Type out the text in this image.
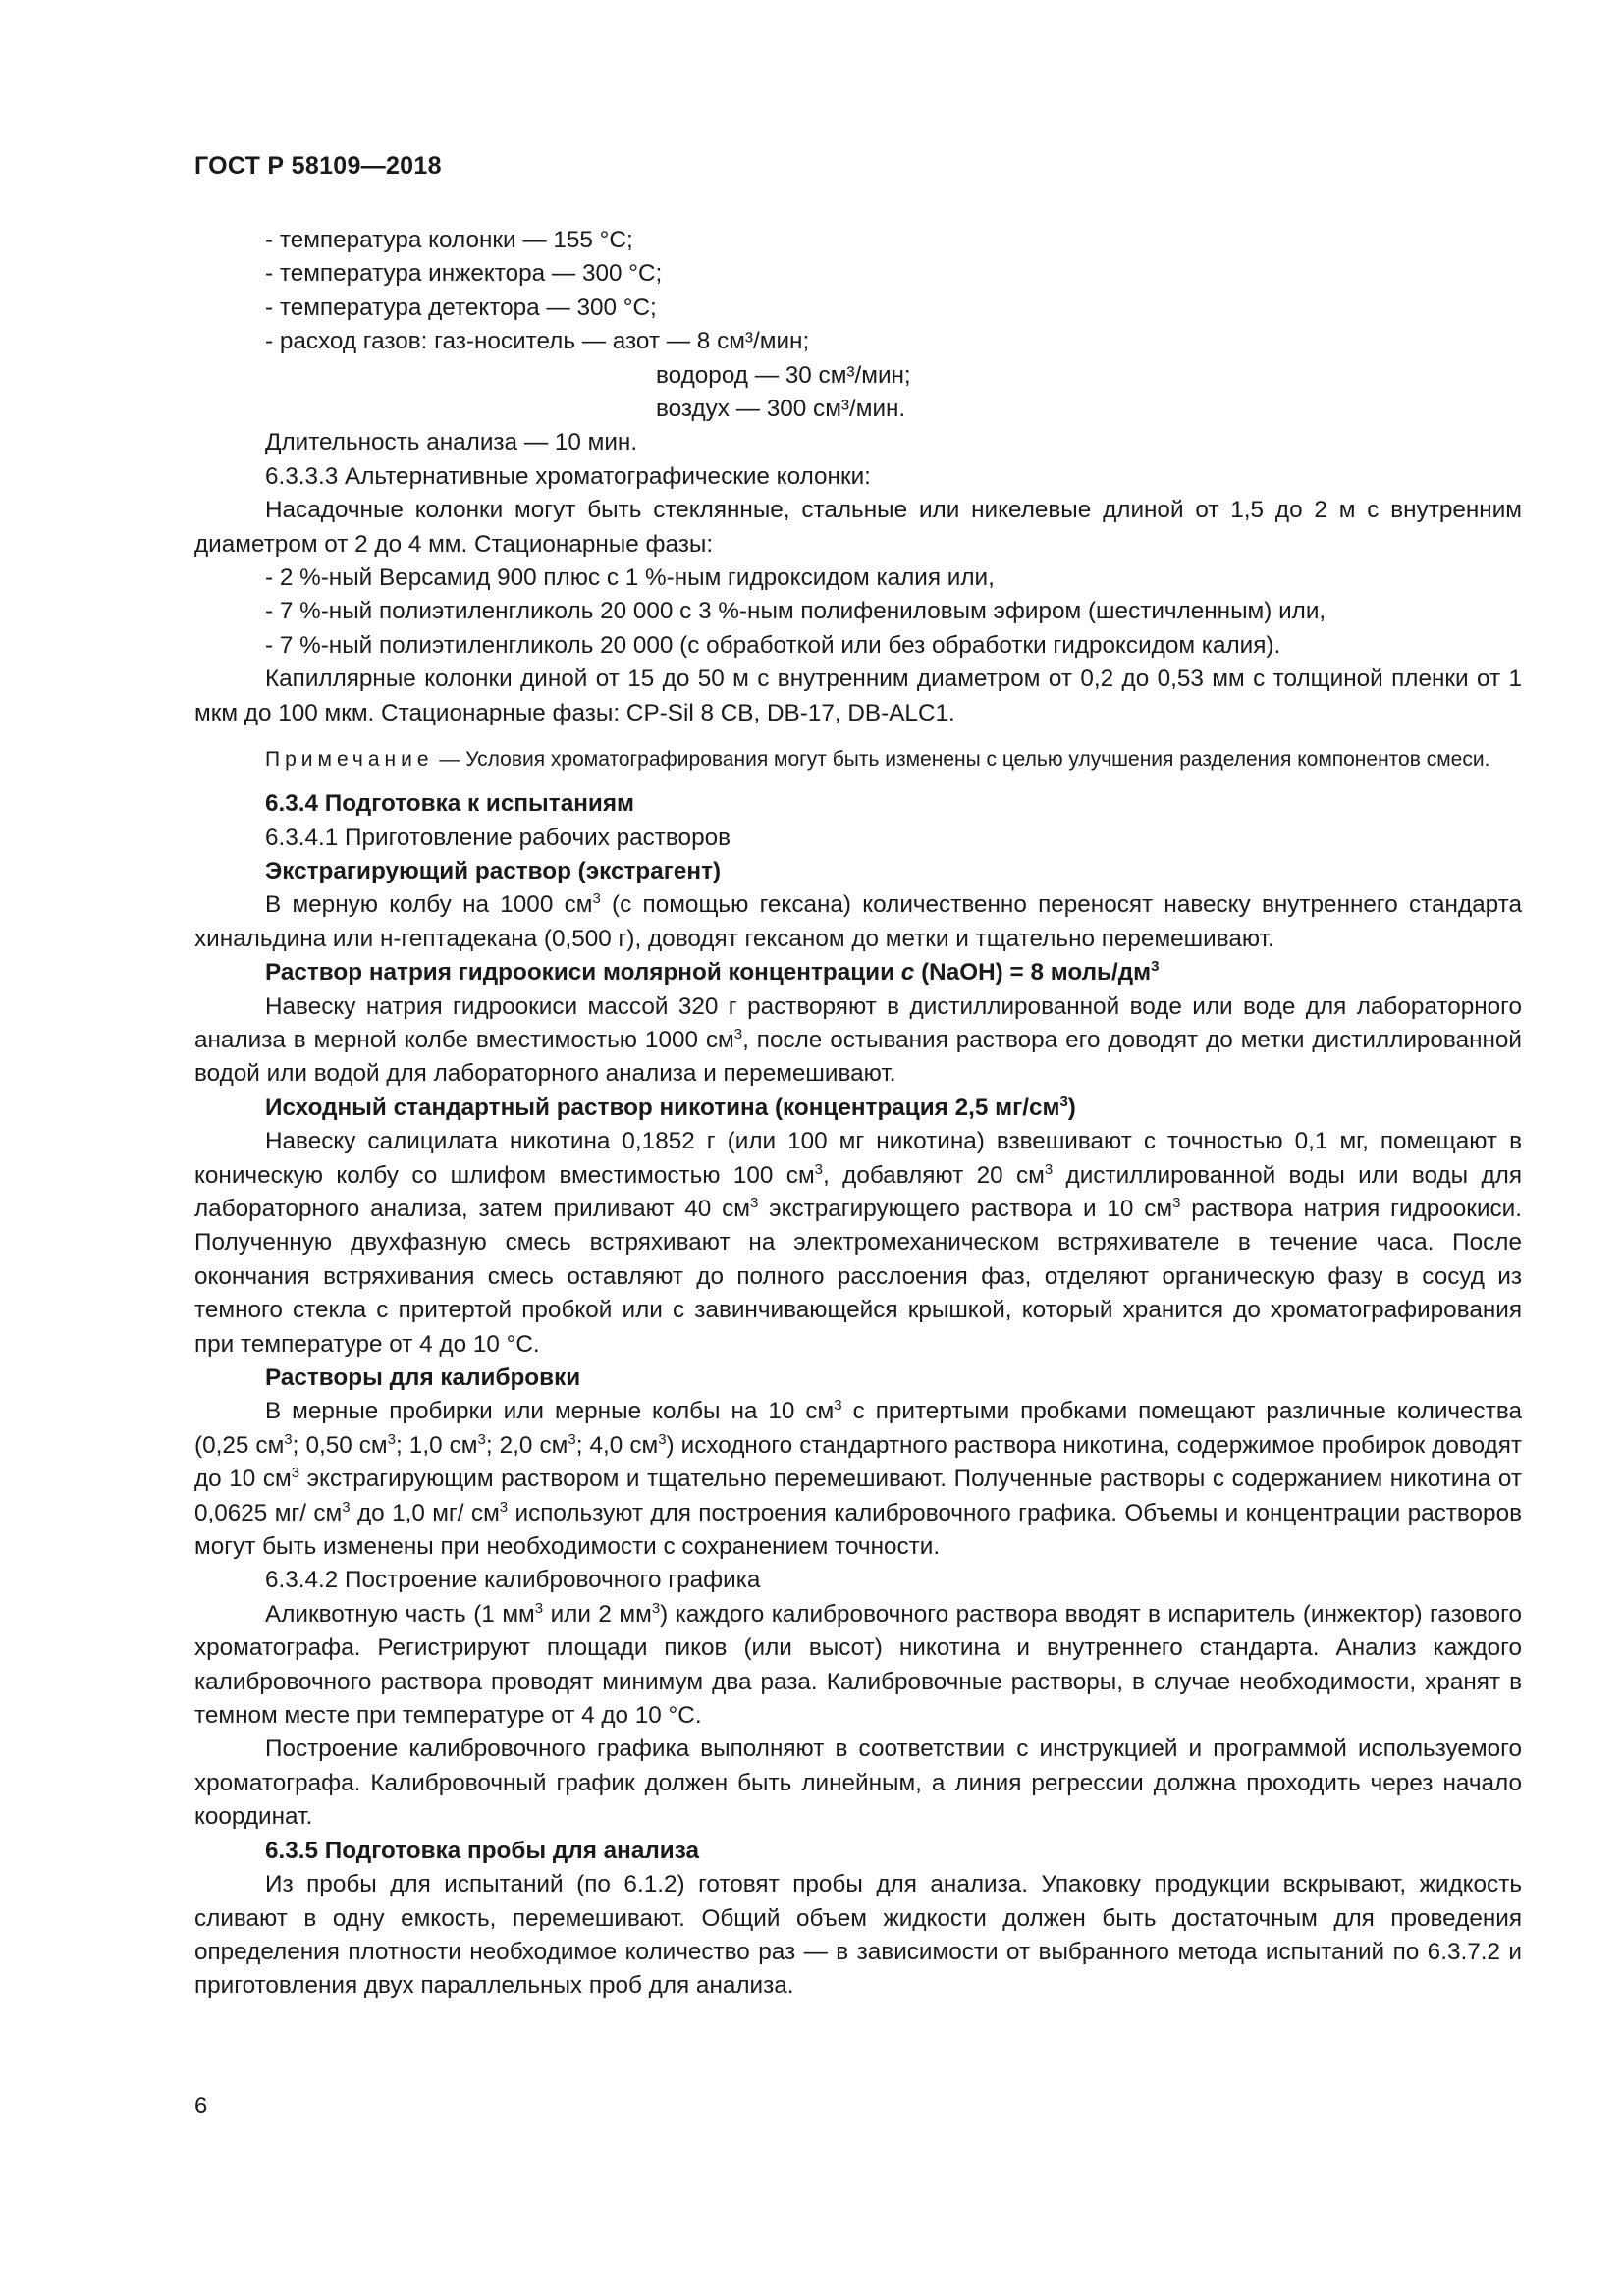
ГОСТ Р 58109—2018

- температура колонки — 155 °С;

- температура инжектора — 300 °С;

- температура детектора — 300 °С;

- расход газов: газ-носитель — азот — 8 см³/мин;

водород — 30 см³/мин;

воздух — 300 см³/мин.

Длительность анализа — 10 мин.

6.3.3.3 Альтернативные хроматографические колонки:

Насадочные колонки могут быть стеклянные, стальные или никелевые длиной от 1,5 до 2 м с внутренним диаметром от 2 до 4 мм. Стационарные фазы:

- 2 %-ный Версамид 900 плюс с 1 %-ным гидроксидом калия или,

- 7 %-ный полиэтиленгликоль 20 000 с 3 %-ным полифениловым эфиром (шестичленным) или,

- 7 %-ный полиэтиленгликоль 20 000 (с обработкой или без обработки гидроксидом калия).

Капиллярные колонки диной от 15 до 50 м с внутренним диаметром от 0,2 до 0,53 мм с толщиной пленки от 1 мкм до 100 мкм. Стационарные фазы: CP-Sil 8 CB, DB-17, DB-ALC1.

Примечание — Условия хроматографирования могут быть изменены с целью улучшения разделения компонентов смеси.

6.3.4 Подготовка к испытаниям

6.3.4.1 Приготовление рабочих растворов

Экстрагирующий раствор (экстрагент)

В мерную колбу на 1000 $см^3$ (с помощью гексана) количественно переносят навеску внутреннего стандарта хинальдина или н-гептадекана (0,500 г), доводят гексаном до метки и тщательно перемешивают.

Раствор натрия гидроокиси молярной концентрации с (NaOH) = 8 моль/$дм^3$

Навеску натрия гидроокиси массой 320 г растворяют в дистиллированной воде или воде для лабораторного анализа в мерной колбе вместимостью 1000 $см^3$, после остывания раствора его доводят до метки дистиллированной водой или водой для лабораторного анализа и перемешивают.

Исходный стандартный раствор никотина (концентрация 2,5 $мг/см^3$)

Навеску салицилата никотина 0,1852 г (или 100 мг никотина) взвешивают с точностью 0,1 мг, помещают в коническую колбу со шлифом вместимостью 100 $см^3$, добавляют 20 $см^3$ дистиллированной воды или воды для лабораторного анализа, затем приливают 40 $см^3$ экстрагирующего раствора и 10 $см^3$ раствора натрия гидроокиси. Полученную двухфазную смесь встряхивают на электромеханическом встряхивателе в течение часа. После окончания встряхивания смесь оставляют до полного расслоения фаз, отделяют органическую фазу в сосуд из темного стекла с притертой пробкой или с завинчивающейся крышкой, который хранится до хроматографирования при температуре от 4 до 10 °С.

Растворы для калибровки

В мерные пробирки или мерные колбы на 10 $см^3$ с притертыми пробками помещают различные количества (0,25 $см^3$; 0,50 $см^3$; 1,0 $см^3$; 2,0 $см^3$; 4,0 $см^3$) исходного стандартного раствора никотина, содержимое пробирок доводят до 10 $см^3$ экстрагирующим раствором и тщательно перемешивают. Полученные растворы с содержанием никотина от 0,0625 мг/ $см^3$ до 1,0 мг/ $см^3$ используют для построения калибровочного графика. Объемы и концентрации растворов могут быть изменены при необходимости с сохранением точности.

6.3.4.2 Построение калибровочного графика

Аликвотную часть (1 $мм^3$ или 2 $мм^3$) каждого калибровочного раствора вводят в испаритель (инжектор) газового хроматографа. Регистрируют площади пиков (или высот) никотина и внутреннего стандарта. Анализ каждого калибровочного раствора проводят минимум два раза. Калибровочные растворы, в случае необходимости, хранят в темном месте при температуре от 4 до 10 °С.

Построение калибровочного графика выполняют в соответствии с инструкцией и программой используемого хроматографа. Калибровочный график должен быть линейным, а линия регрессии должна проходить через начало координат.

6.3.5 Подготовка пробы для анализа

Из пробы для испытаний (по 6.1.2) готовят пробы для анализа. Упаковку продукции вскрывают, жидкость сливают в одну емкость, перемешивают. Общий объем жидкости должен быть достаточным для проведения определения плотности необходимое количество раз — в зависимости от выбранного метода испытаний по 6.3.7.2 и приготовления двух параллельных проб для анализа.

6
